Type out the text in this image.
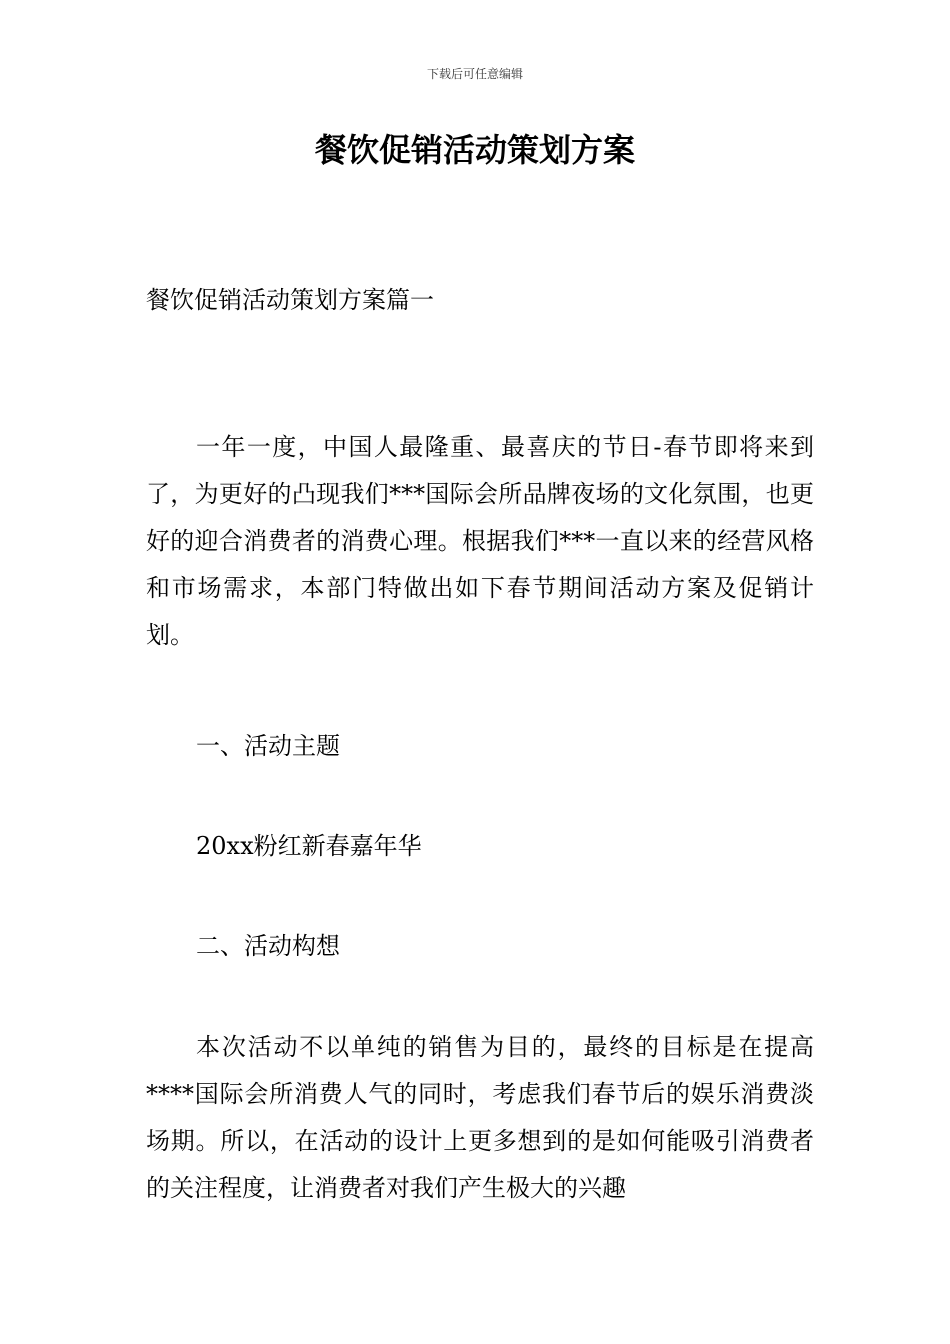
下载后可任意编辑
餐饮促销活动策划方案
餐饮促销活动策划方案篇一

一年一度，中国人最隆重、最喜庆的节日-春节即将来到了，为更好的凸现我们***国际会所品牌夜场的文化氛围，也更好的迎合消费者的消费心理。根据我们***一直以来的经营风格和市场需求，本部门特做出如下春节期间活动方案及促销计划。

一、活动主题
20xx粉红新春嘉年华
二、活动构想

本次活动不以单纯的销售为目的，最终的目标是在提高****国际会所消费人气的同时，考虑我们春节后的娱乐消费淡场期。所以，在活动的设计上更多想到的是如何能吸引消费者的关注程度，让消费者对我们产生极大的兴趣
